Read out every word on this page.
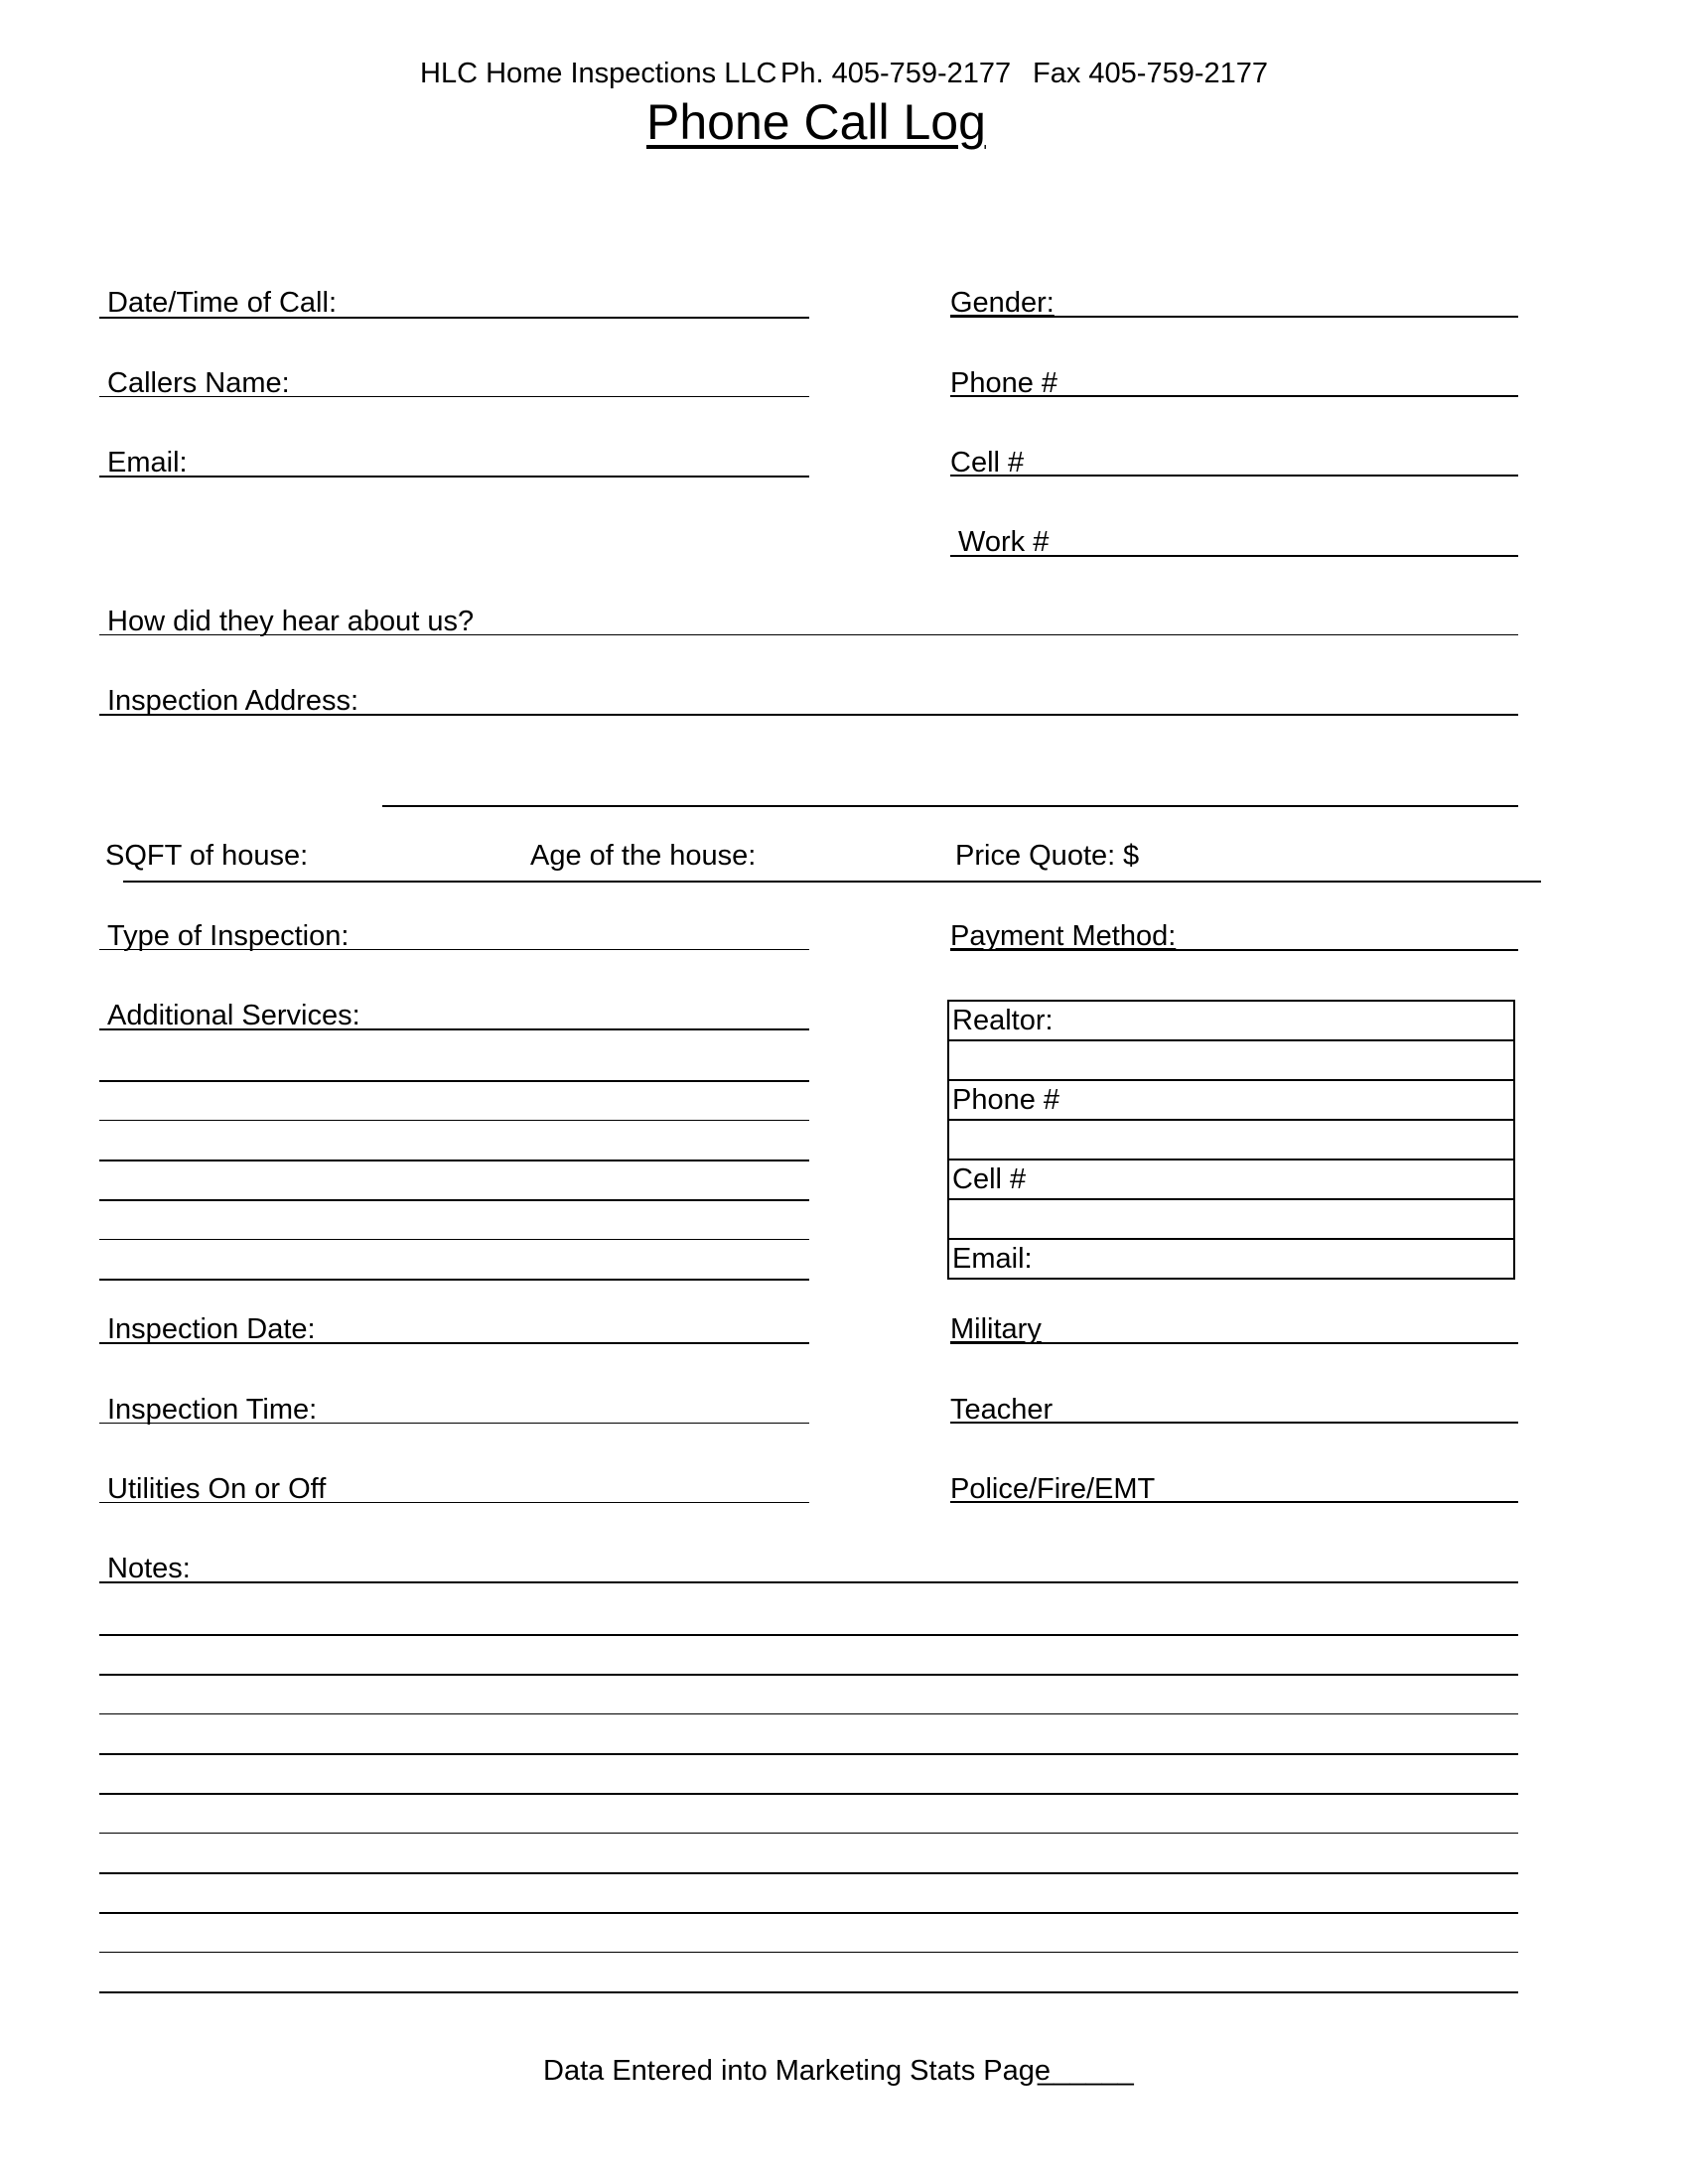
HLC Home Inspections LLC Ph. 405-759-2177 Fax 405-759-2177
Phone Call Log
Date/Time of Call:	Gender:
Callers Name:	Phone #
Email:	Cell #
Work #
How did they hear about us?
Inspection Address:
SQFT of house:	Age of the house:	Price Quote: $
Type of Inspection:	Payment Method:
Additional Services:	Realtor:
Phone #
Cell #
Email:
Inspection Date:	Military
Inspection Time:	Teacher
Utilities On or Off	Police/Fire/EMT
Notes:
Data Entered into Marketing Stats Page
______
